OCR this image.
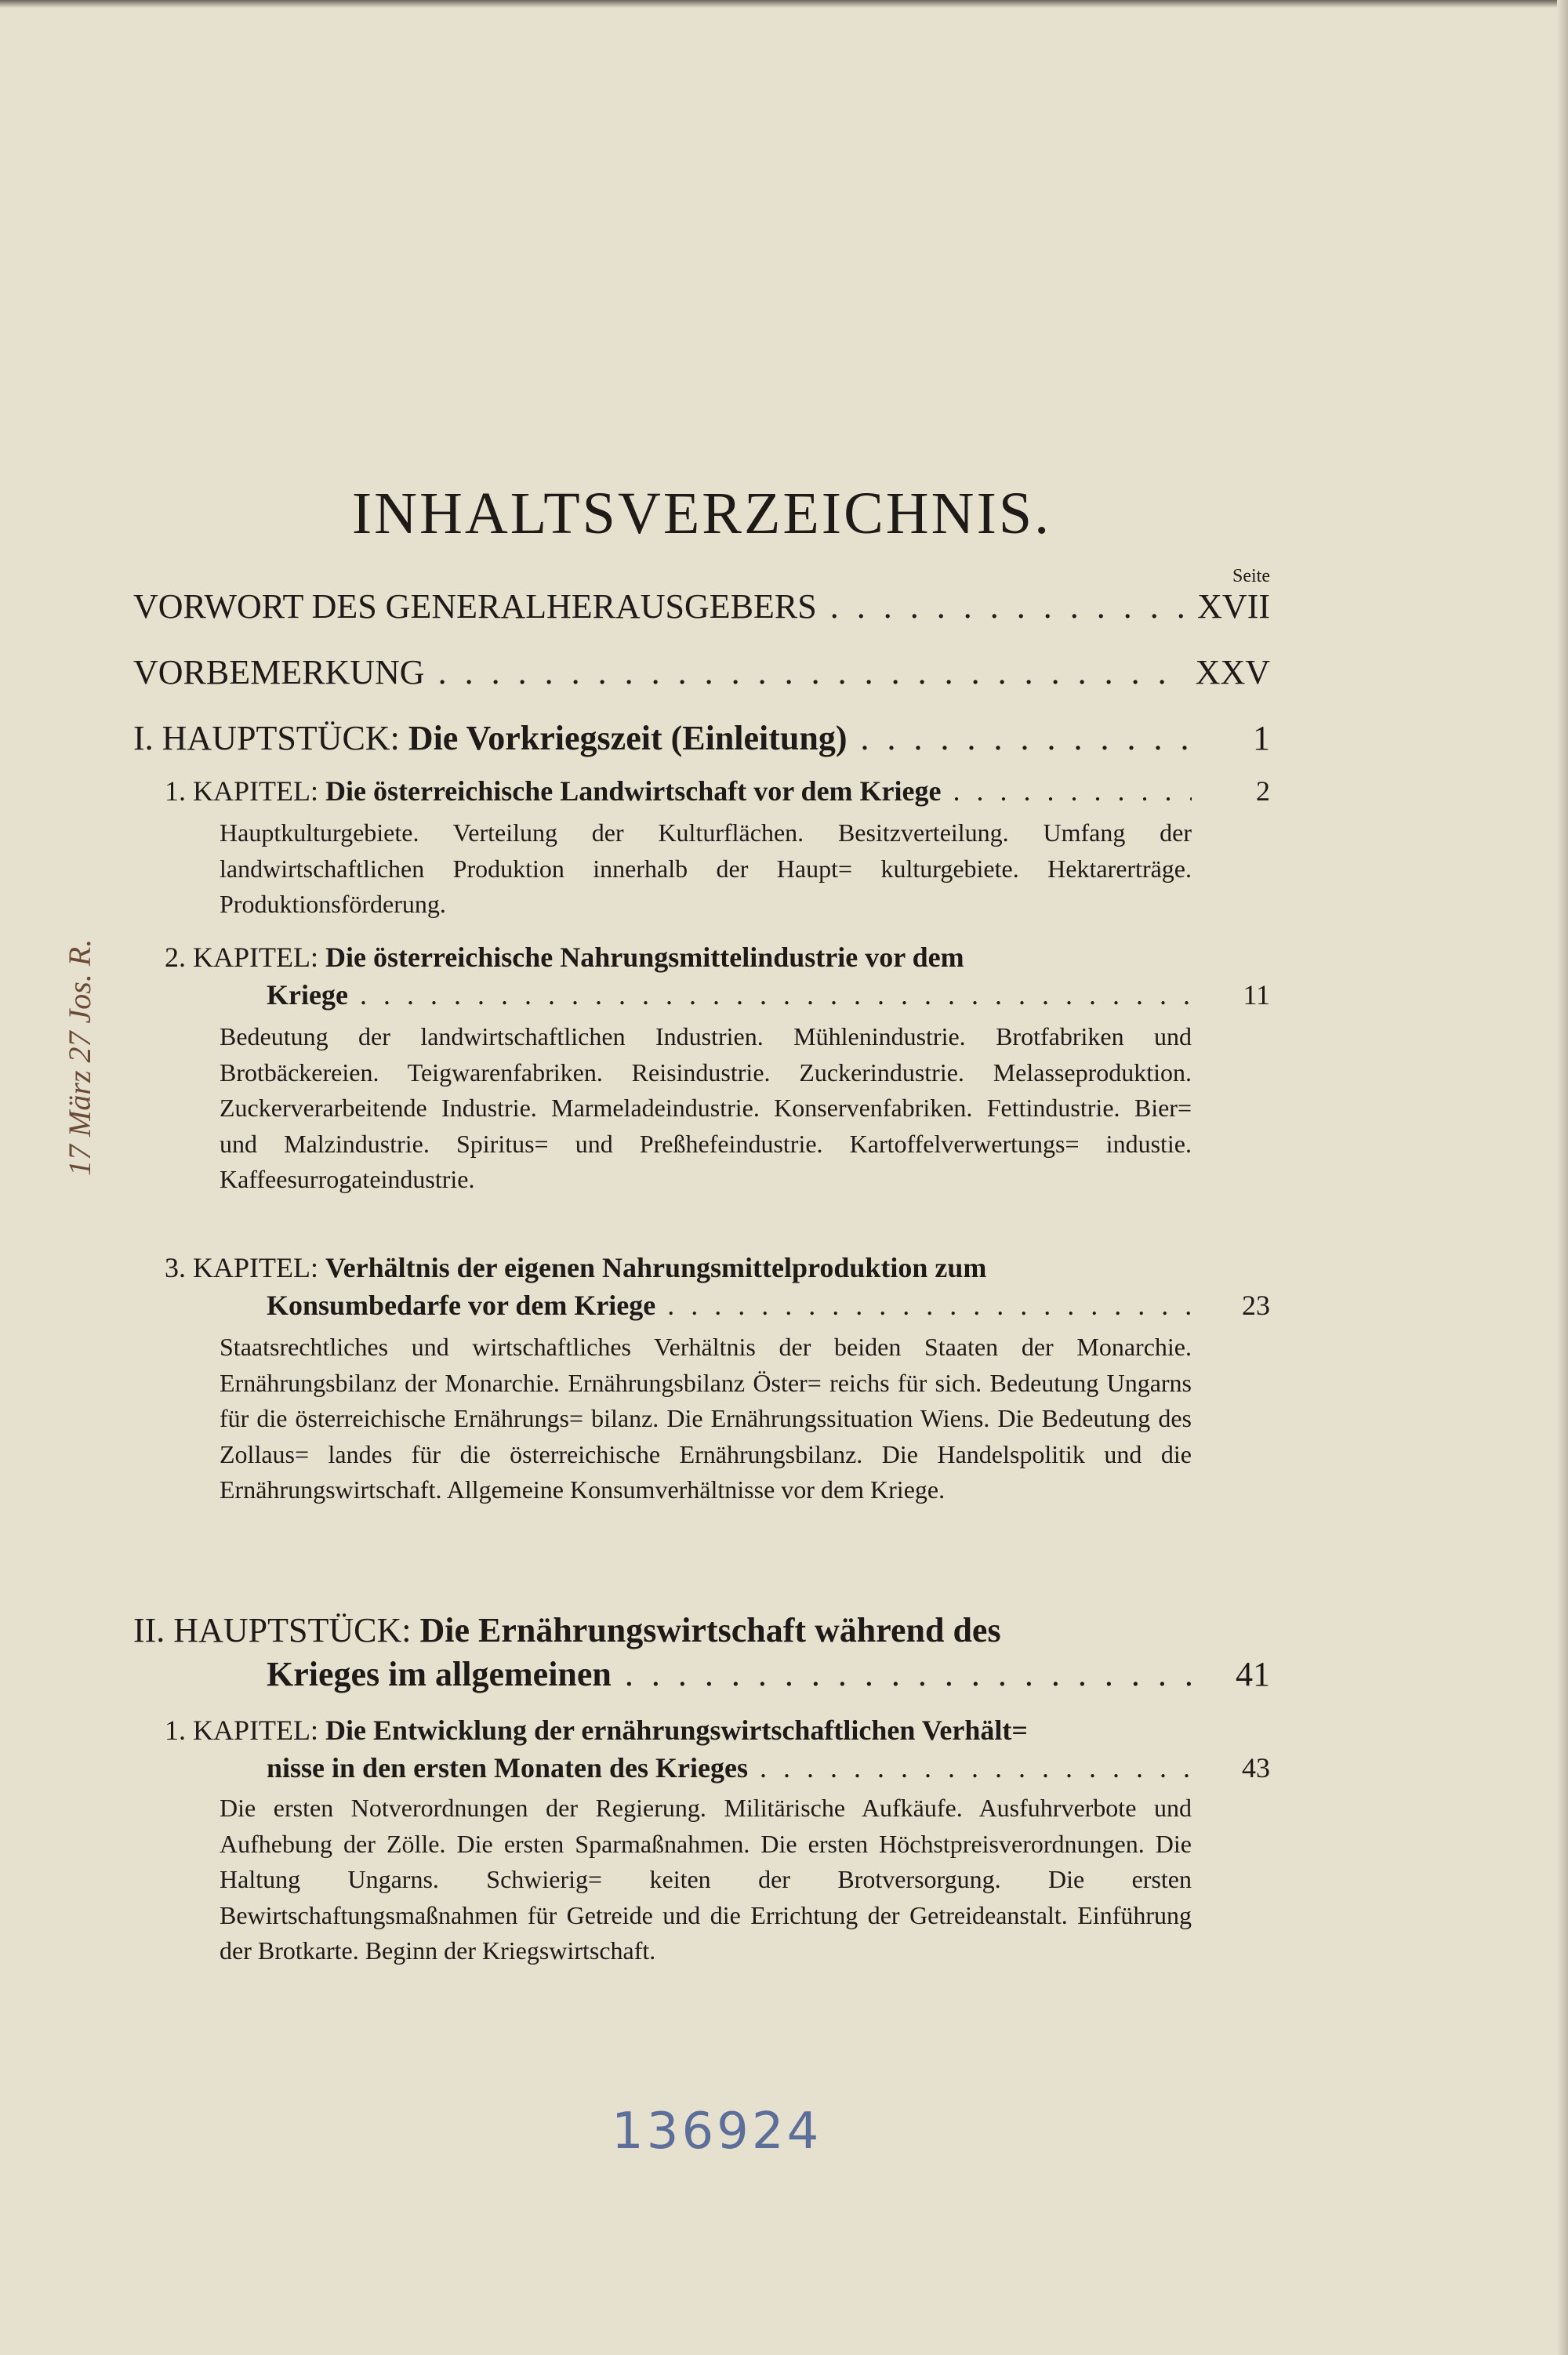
17 März 27 Jos. R.
INHALTSVERZEICHNIS.
Seite
VORWORT DES GENERALHERAUSGEBERS . . .	XVII
VORBEMERKUNG . . .	XXV
I. HAUPTSTÜCK: Die Vorkriegszeit (Einleitung) . . .	1
1. KAPITEL: Die österreichische Landwirtschaft vor dem Kriege . . .	2
Hauptkulturgebiete. Verteilung der Kulturflächen. Besitzverteilung. Umfang der landwirtschaftlichen Produktion innerhalb der Haupt= kulturgebiete. Hektarerträge. Produktionsförderung.
2. KAPITEL: Die österreichische Nahrungsmittelindustrie vor dem
Kriege . . .	11
Bedeutung der landwirtschaftlichen Industrien. Mühlenindustrie. Brotfabriken und Brotbäckereien. Teigwarenfabriken. Reisindustrie. Zuckerindustrie. Melasseproduktion. Zuckerverarbeitende Industrie. Marmeladeindustrie. Konservenfabriken. Fettindustrie. Bier= und Malzindustrie. Spiritus= und Preßhefeindustrie. Kartoffelverwertungs= industie. Kaffeesurrogateindustrie.
3. KAPITEL: Verhältnis der eigenen Nahrungsmittelproduktion zum
Konsumbedarfe vor dem Kriege . . .	23
Staatsrechtliches und wirtschaftliches Verhältnis der beiden Staaten der Monarchie. Ernährungsbilanz der Monarchie. Ernährungsbilanz Öster= reichs für sich. Bedeutung Ungarns für die österreichische Ernährungs= bilanz. Die Ernährungssituation Wiens. Die Bedeutung des Zollaus= landes für die österreichische Ernährungsbilanz. Die Handelspolitik und die Ernährungswirtschaft. Allgemeine Konsumverhältnisse vor dem Kriege.
II. HAUPTSTÜCK: Die Ernährungswirtschaft während des
Krieges im allgemeinen . . .	41
1. KAPITEL: Die Entwicklung der ernährungswirtschaftlichen Verhält=
nisse in den ersten Monaten des Krieges . . .	43
Die ersten Notverordnungen der Regierung. Militärische Aufkäufe. Ausfuhrverbote und Aufhebung der Zölle. Die ersten Sparmaßnahmen. Die ersten Höchstpreisverordnungen. Die Haltung Ungarns. Schwierig= keiten der Brotversorgung. Die ersten Bewirtschaftungsmaßnahmen für Getreide und die Errichtung der Getreideanstalt. Einführung der Brotkarte. Beginn der Kriegswirtschaft.
136924
